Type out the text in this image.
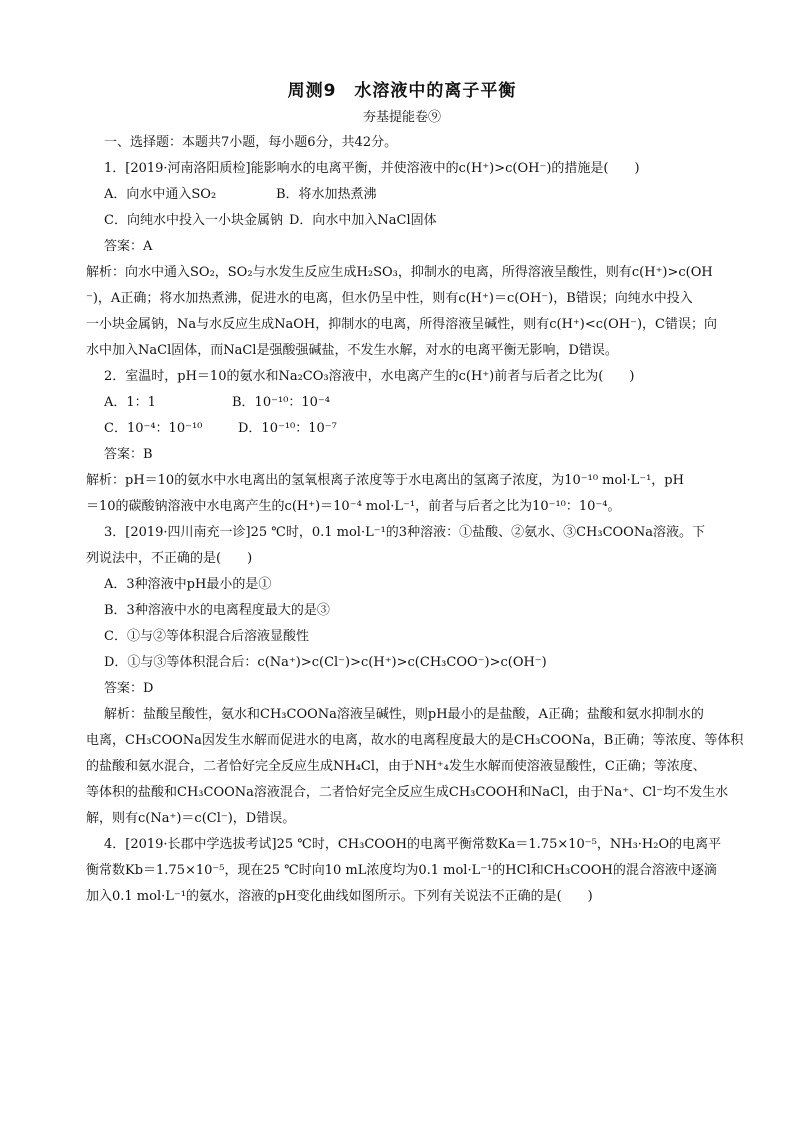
周测9　水溶液中的离子平衡
夯基提能卷⑨

一、选择题：本题共7小题，每小题6分，共42分。

1．[2019·河南洛阳质检]能影响水的电离平衡，并使溶液中的c(H⁺)>c(OH⁻)的措施是(　　)

A．向水中通入SO₂	B．将水加热煮沸
C．向纯水中投入一小块金属钠 D．向水中加入NaCl固体

答案：A

解析：向水中通入SO₂，SO₂与水发生反应生成H₂SO₃，抑制水的电离，所得溶液呈酸性，则有c(H⁺)>c(OH

⁻)，A正确；将水加热煮沸，促进水的电离，但水仍呈中性，则有c(H⁺)＝c(OH⁻)，B错误；向纯水中投入

一小块金属钠，Na与水反应生成NaOH，抑制水的电离，所得溶液呈碱性，则有c(H⁺)<c(OH⁻)，C错误；向

水中加入NaCl固体，而NaCl是强酸强碱盐，不发生水解，对水的电离平衡无影响，D错误。

2．室温时，pH＝10的氨水和Na₂CO₃溶液中，水电离产生的c(H⁺)前者与后者之比为(　　)

A．1：1	B．10⁻¹⁰：10⁻⁴
C．10⁻⁴：10⁻¹⁰	D．10⁻¹⁰：10⁻⁷

答案：B

解析：pH＝10的氨水中水电离出的氢氧根离子浓度等于水电离出的氢离子浓度，为10⁻¹⁰ mol·L⁻¹，pH

＝10的碳酸钠溶液中水电离产生的c(H⁺)＝10⁻⁴ mol·L⁻¹，前者与后者之比为10⁻¹⁰：10⁻⁴。

3．[2019·四川南充一诊]25 ℃时，0.1 mol·L⁻¹的3种溶液：①盐酸、②氨水、③CH₃COONa溶液。下

列说法中，不正确的是(　　)

A．3种溶液中pH最小的是①

B．3种溶液中水的电离程度最大的是③

C．①与②等体积混合后溶液显酸性

D．①与③等体积混合后：c(Na⁺)>c(Cl⁻)>c(H⁺)>c(CH₃COO⁻)>c(OH⁻)

答案：D

解析：盐酸呈酸性，氨水和CH₃COONa溶液呈碱性，则pH最小的是盐酸，A正确；盐酸和氨水抑制水的

电离，CH₃COONa因发生水解而促进水的电离，故水的电离程度最大的是CH₃COONa，B正确；等浓度、等体积

的盐酸和氨水混合，二者恰好完全反应生成NH₄Cl，由于NH⁺₄发生水解而使溶液显酸性，C正确；等浓度、

等体积的盐酸和CH₃COONa溶液混合，二者恰好完全反应生成CH₃COOH和NaCl，由于Na⁺、Cl⁻均不发生水

解，则有c(Na⁺)＝c(Cl⁻)，D错误。

4．[2019·长郡中学选拔考试]25 ℃时，CH₃COOH的电离平衡常数Ka＝1.75×10⁻⁵，NH₃·H₂O的电离平

衡常数Kb＝1.75×10⁻⁵，现在25 ℃时向10 mL浓度均为0.1 mol·L⁻¹的HCl和CH₃COOH的混合溶液中逐滴

加入0.1 mol·L⁻¹的氨水，溶液的pH变化曲线如图所示。下列有关说法不正确的是(　　)
